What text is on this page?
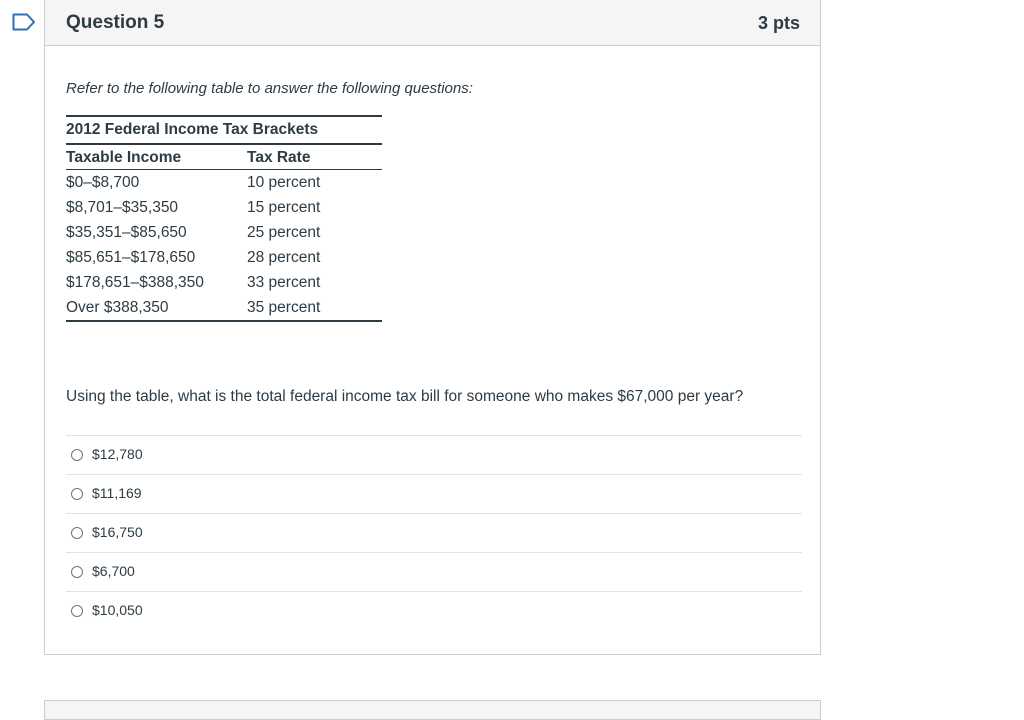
Question 5	3 pts
Refer to the following table to answer the following questions:
2012 Federal Income Tax Brackets	
Taxable Income	Tax Rate
$0–$8,700	10 percent
$8,701–$35,350	15 percent
$35,351–$85,650	25 percent
$85,651–$178,650	28 percent
$178,651–$388,350	33 percent
Over $388,350	35 percent
Using the table, what is the total federal income tax bill for someone who makes $67,000 per year?
$12,780
$11,169
$16,750
$6,700
$10,050
